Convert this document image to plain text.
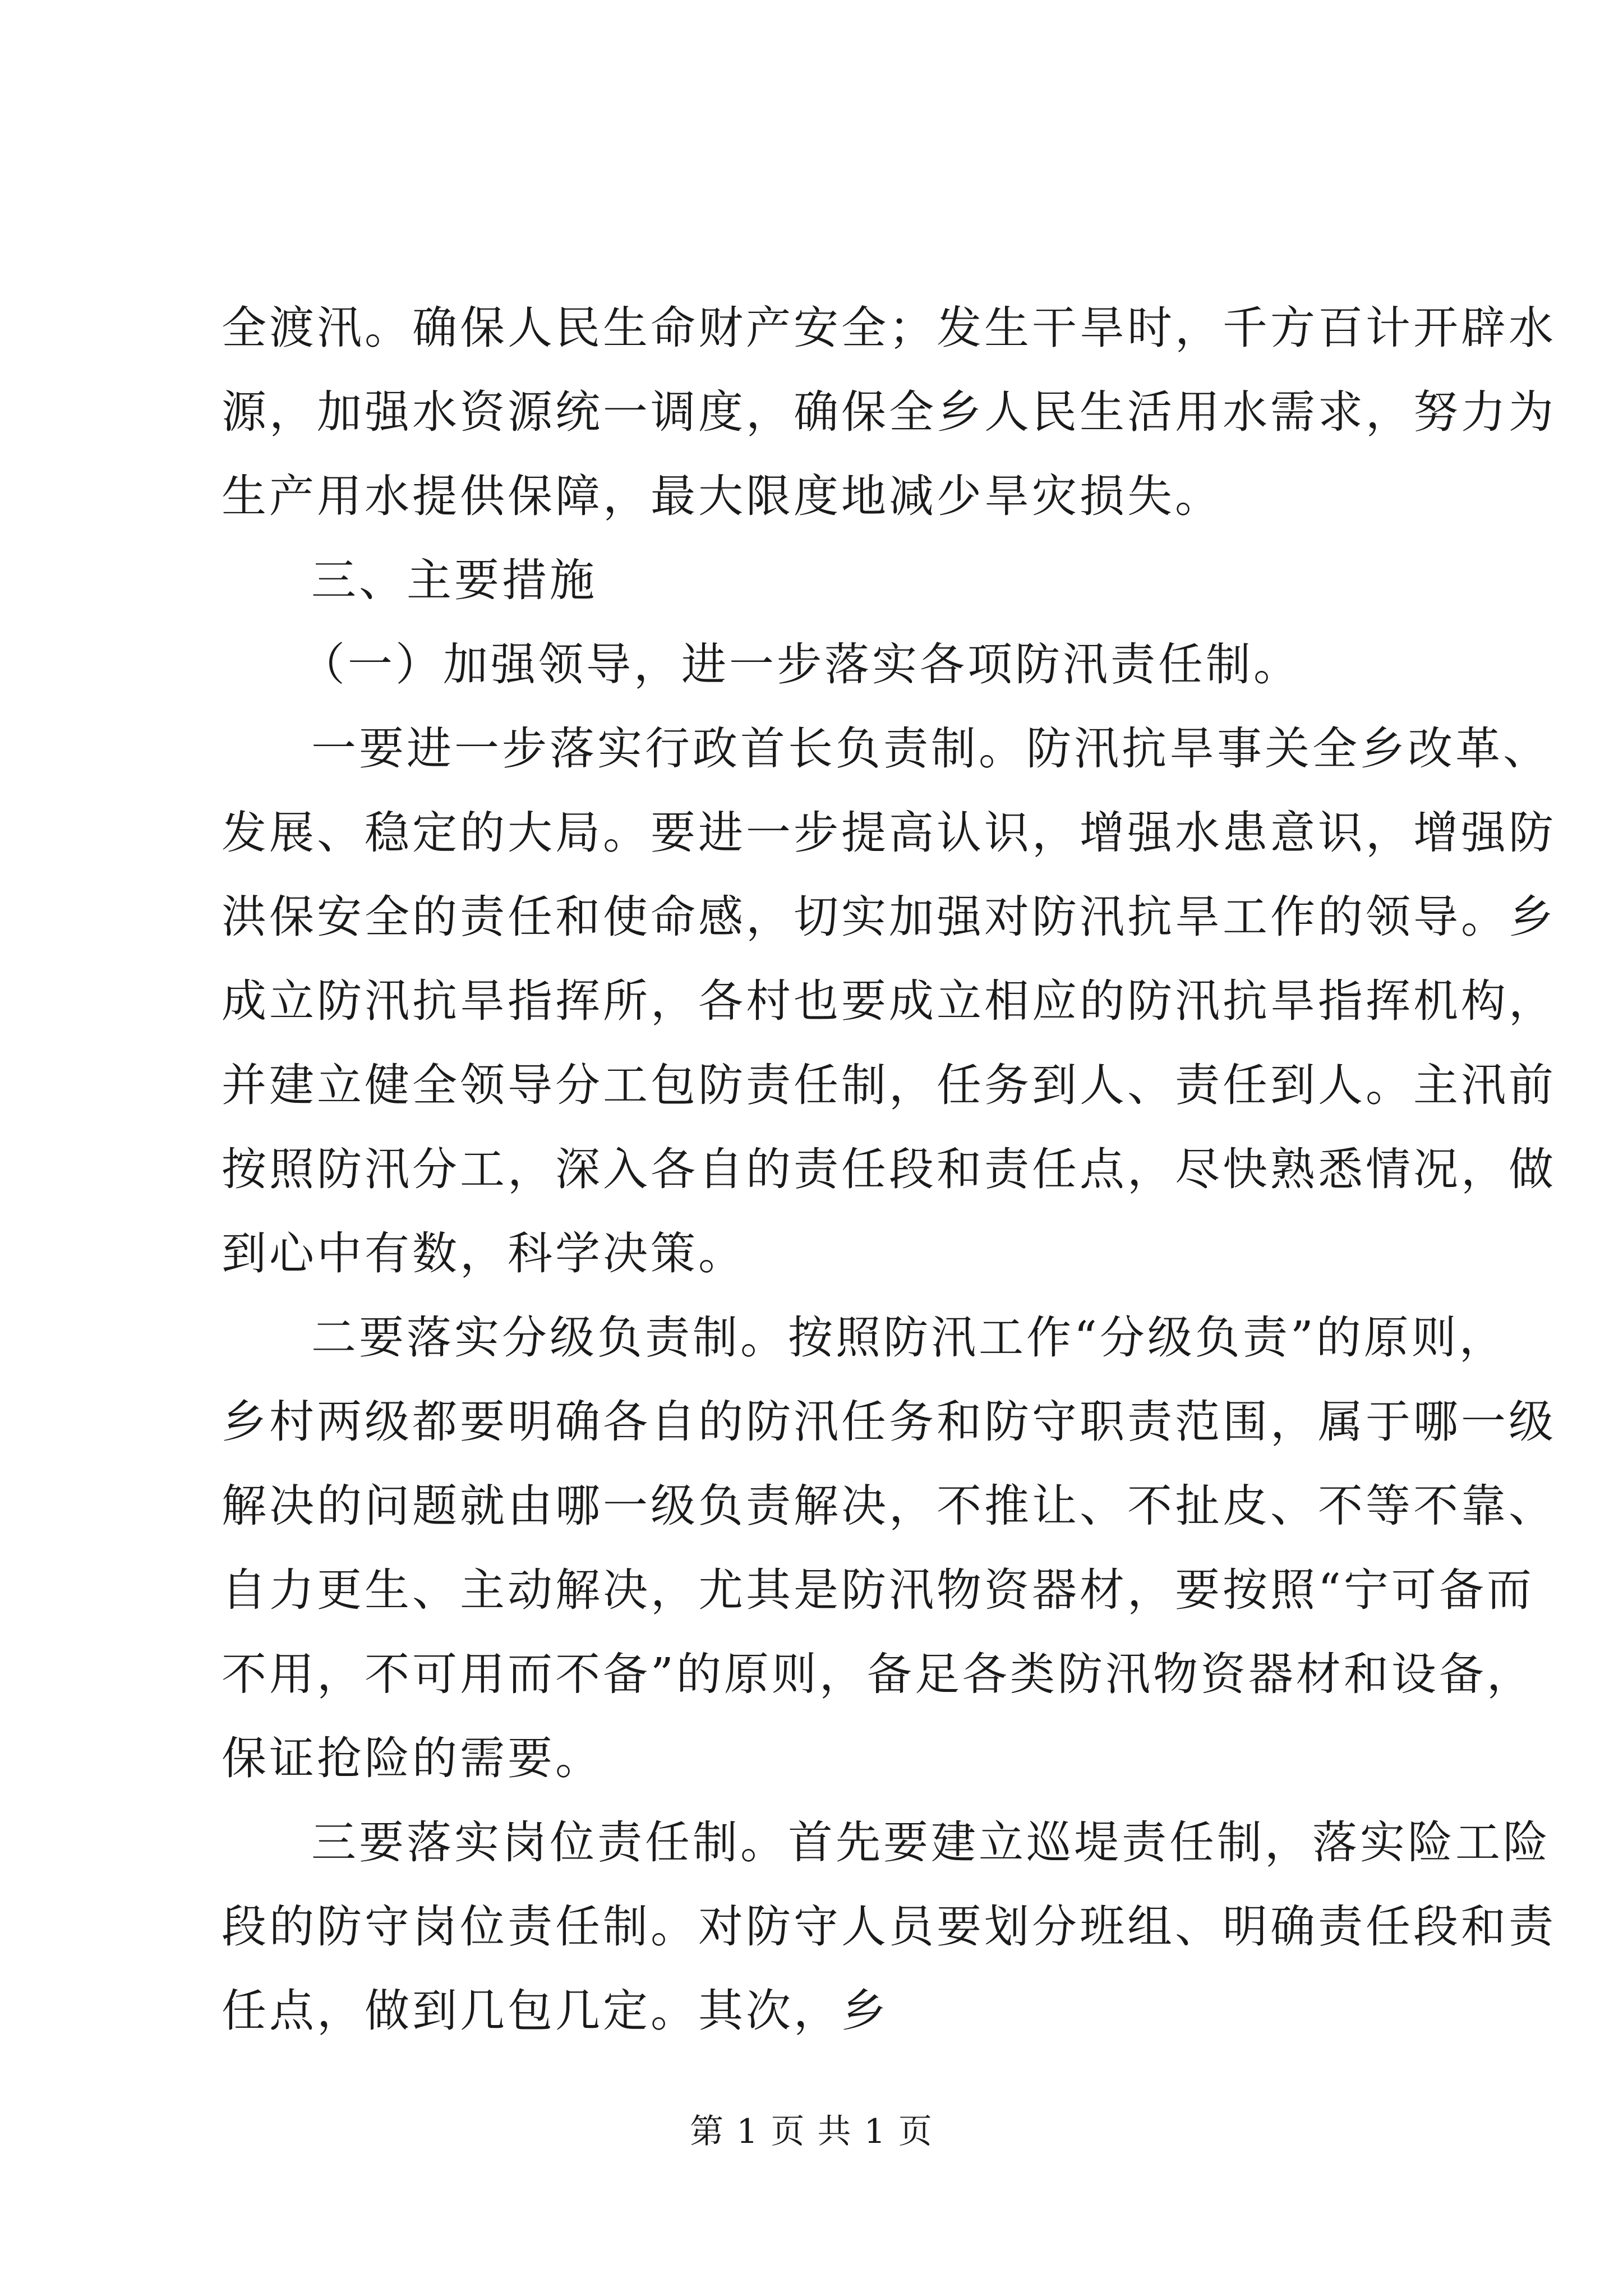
全渡汛。确保人民生命财产安全；发生干旱时，千方百计开辟水
源，加强水资源统一调度，确保全乡人民生活用水需求，努力为
生产用水提供保障，最大限度地减少旱灾损失。
三、主要措施
（一）加强领导，进一步落实各项防汛责任制。
一要进一步落实行政首长负责制。防汛抗旱事关全乡改革、
发展、稳定的大局。要进一步提高认识，增强水患意识，增强防
洪保安全的责任和使命感，切实加强对防汛抗旱工作的领导。乡
成立防汛抗旱指挥所，各村也要成立相应的防汛抗旱指挥机构，
并建立健全领导分工包防责任制，任务到人、责任到人。主汛前
按照防汛分工，深入各自的责任段和责任点，尽快熟悉情况，做
到心中有数，科学决策。
二要落实分级负责制。按照防汛工作“分级负责”的原则，
乡村两级都要明确各自的防汛任务和防守职责范围，属于哪一级
解决的问题就由哪一级负责解决，不推让、不扯皮、不等不靠、
自力更生、主动解决，尤其是防汛物资器材，要按照“宁可备而
不用，不可用而不备”的原则，备足各类防汛物资器材和设备，
保证抢险的需要。
三要落实岗位责任制。首先要建立巡堤责任制，落实险工险
段的防守岗位责任制。对防守人员要划分班组、明确责任段和责
任点，做到几包几定。其次，乡
第 1 页 共 1 页
